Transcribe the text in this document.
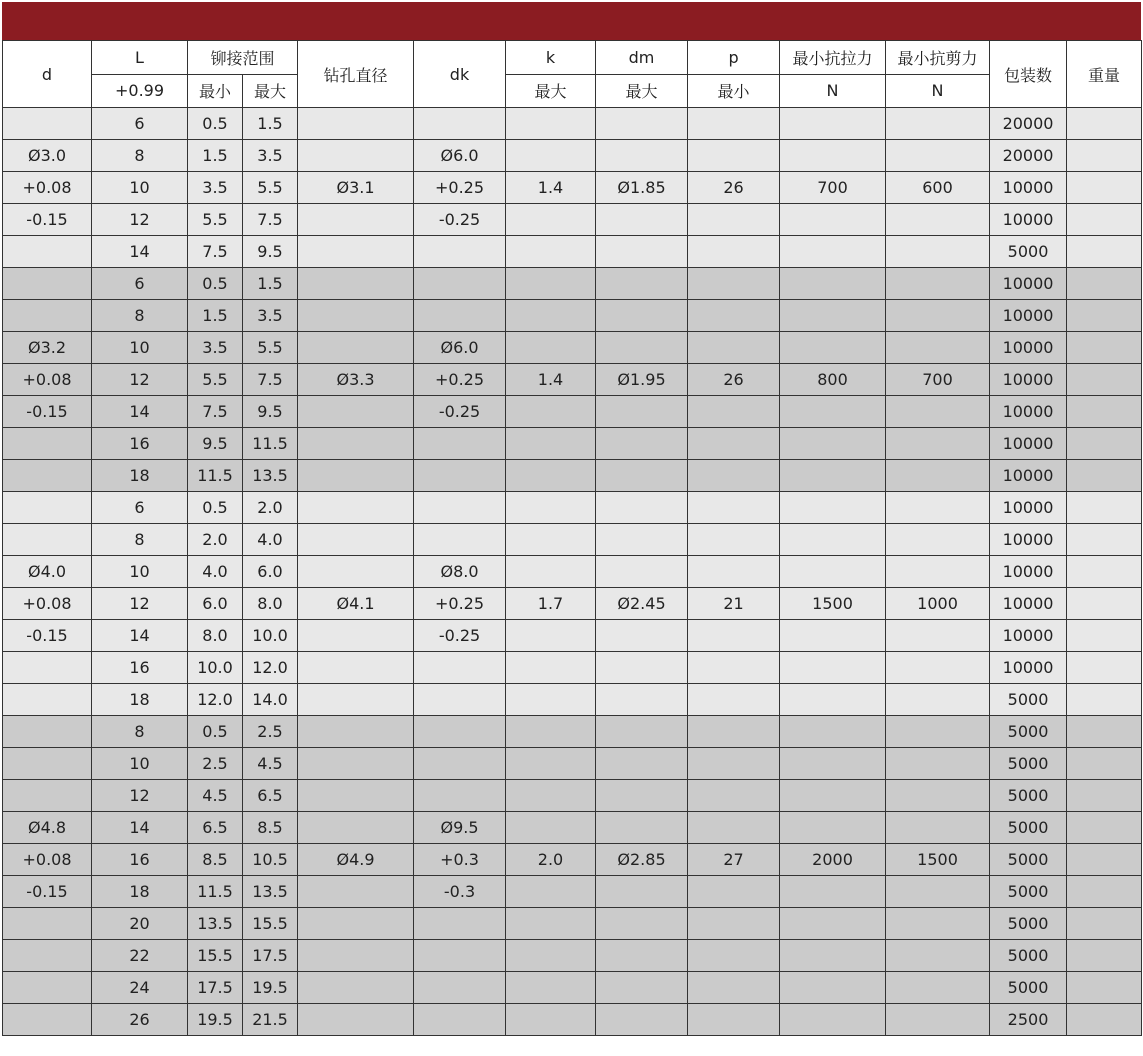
d	L	铆接范围		钻孔直径	dk	k	dm	p	最小抗拉力	最小抗剪力	包装数	重量
	+0.99	最小	最大			最大	最大	最小	N	N		
	6	0.5	1.5								20000	
Ø3.0	8	1.5	3.5		Ø6.0						20000	
+0.08	10	3.5	5.5	Ø3.1	+0.25	1.4	Ø1.85	26	700	600	10000	
-0.15	12	5.5	7.5		-0.25						10000	
	14	7.5	9.5								5000	
	6	0.5	1.5								10000	
	8	1.5	3.5								10000	
Ø3.2	10	3.5	5.5		Ø6.0						10000	
+0.08	12	5.5	7.5	Ø3.3	+0.25	1.4	Ø1.95	26	800	700	10000	
-0.15	14	7.5	9.5		-0.25						10000	
	16	9.5	11.5								10000	
	18	11.5	13.5								10000	
	6	0.5	2.0								10000	
	8	2.0	4.0								10000	
Ø4.0	10	4.0	6.0		Ø8.0						10000	
+0.08	12	6.0	8.0	Ø4.1	+0.25	1.7	Ø2.45	21	1500	1000	10000	
-0.15	14	8.0	10.0		-0.25						10000	
	16	10.0	12.0								10000	
	18	12.0	14.0								5000	
	8	0.5	2.5								5000	
	10	2.5	4.5								5000	
	12	4.5	6.5								5000	
Ø4.8	14	6.5	8.5		Ø9.5						5000	
+0.08	16	8.5	10.5	Ø4.9	+0.3	2.0	Ø2.85	27	2000	1500	5000	
-0.15	18	11.5	13.5		-0.3						5000	
	20	13.5	15.5								5000	
	22	15.5	17.5								5000	
	24	17.5	19.5								5000	
	26	19.5	21.5								2500	
